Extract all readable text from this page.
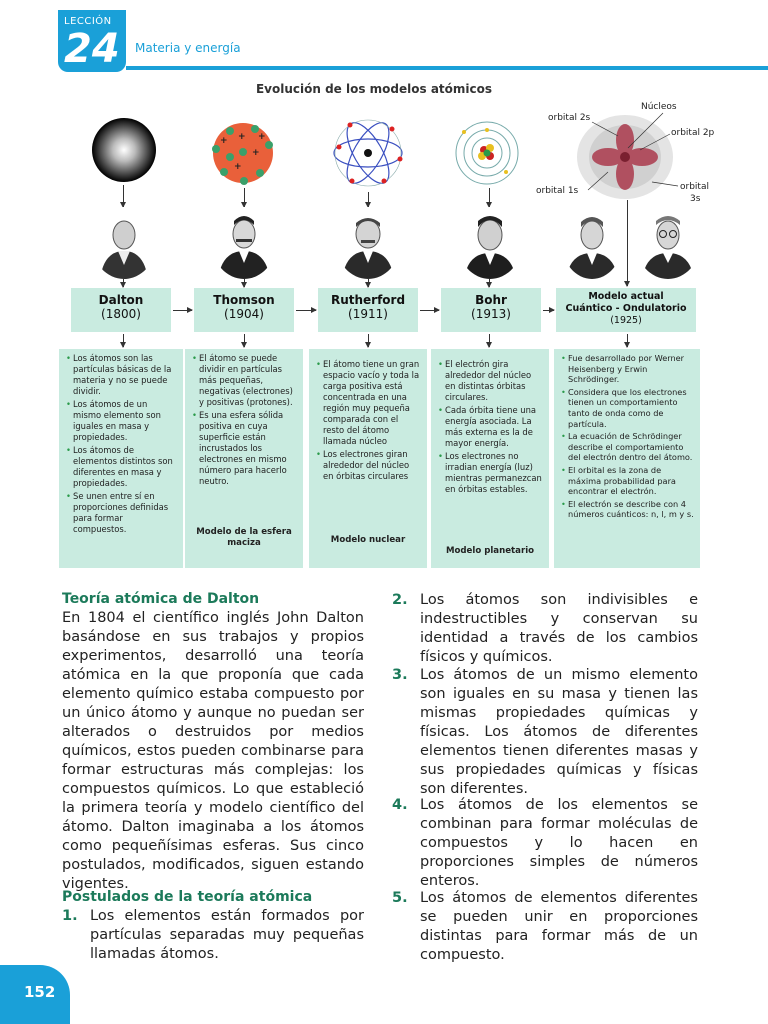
LECCIÓN
24 Materia y energía
Evolución de los modelos atómicos
+
+
+
+	+
Núcleos
orbital 2s
orbital 2p
orbital 1s	orbital
3s
Dalton
(1800)
Thomson
(1904)
Rutherford
(1911)
Bohr
(1913)
Modelo actual
Cuántico - Ondulatorio
(1925)
• Los átomos son las partículas básicas de la materia y no se puede dividir.
• Los átomos de un mismo elemento son iguales en masa y propiedades.
• Los átomos de elementos distintos son diferentes en masa y propiedades.
• Se unen entre sí en proporciones definidas para formar compuestos.
• El átomo se puede dividir en partículas más pequeñas, negativas (electrones) y positivas (protones).
• Es una esfera sólida positiva en cuya superficie están incrustados los electrones en mismo número para hacerlo neutro.
Modelo de la esfera maciza
• El átomo tiene un gran espacio vacío y toda la carga positiva está concentrada en una región muy pequeña comparada con el resto del átomo llamada núcleo
• Los electrones giran alrededor del núcleo en órbitas circulares
Modelo nuclear
• El electrón gira alrededor del núcleo en distintas órbitas circulares.
• Cada órbita tiene una energía asociada. La más externa es la de mayor energía.
• Los electrones no irradian energía (luz) mientras permanezcan en órbitas estables.
Modelo planetario
• Fue desarrollado por Werner Heisenberg y Erwin Schrödinger.
• Considera que los electrones tienen un comportamiento tanto de onda como de partícula.
• La ecuación de Schrödinger describe el comportamiento del electrón dentro del átomo.
• El orbital es la zona de máxima probabilidad para encontrar el electrón.
• El electrón se describe con 4 números cuánticos: n, l, m y s.
Teoría atómica de Dalton
En 1804 el científico inglés John Dalton basándose en sus trabajos y propios experimentos, desarrolló una teoría atómica en la que proponía que cada elemento químico estaba compuesto por un único átomo y aunque no puedan ser alterados o destruidos por medios químicos, estos pueden combinarse para formar estructuras más complejas: los compuestos químicos. Lo que estableció la primera teoría y modelo científico del átomo. Dalton imaginaba a los átomos como pequeñísimas esferas. Sus cinco postulados, modificados, siguen estando vigentes.
Postulados de la teoría atómica
1. Los elementos están formados por partículas separadas muy pequeñas llamadas átomos.
2. Los átomos son indivisibles e indestructibles y conservan su identidad a través de los cambios físicos y químicos.
3. Los átomos de un mismo elemento son iguales en su masa y tienen las mismas propiedades químicas y físicas. Los átomos de diferentes elementos tienen diferentes masas y sus propiedades químicas y físicas son diferentes.
4. Los átomos de los elementos se combinan para formar moléculas de compuestos y lo hacen en proporciones simples de números enteros.
5. Los átomos de elementos diferentes se pueden unir en proporciones distintas para formar más de un compuesto.
152
